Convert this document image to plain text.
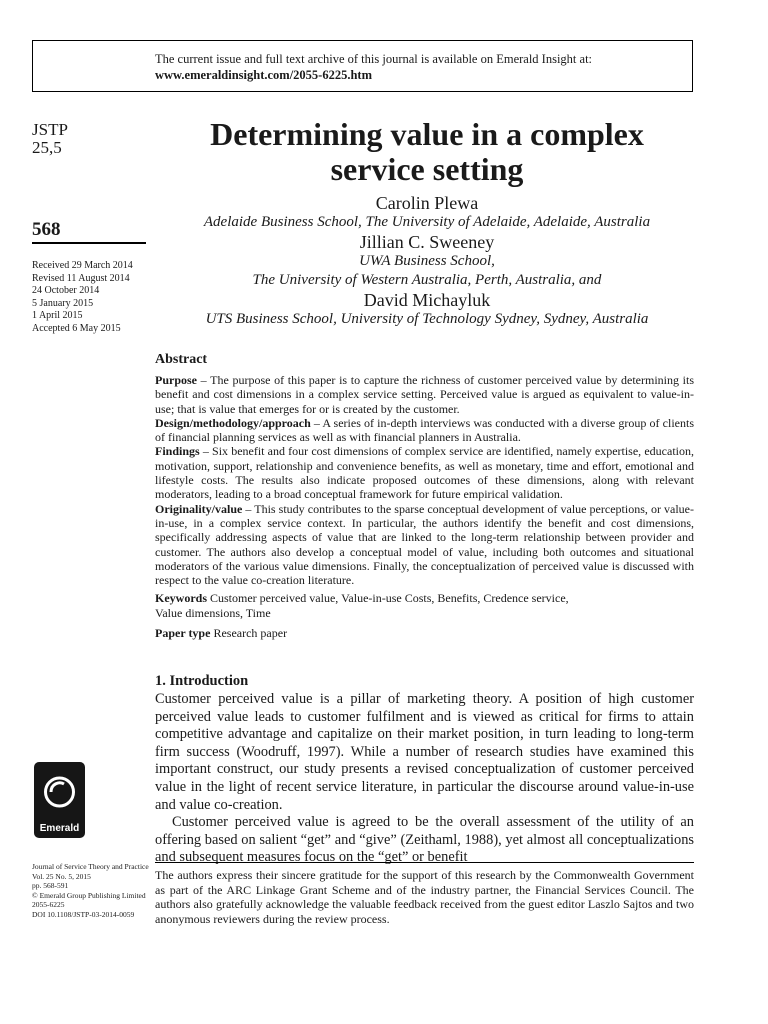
The current issue and full text archive of this journal is available on Emerald Insight at:
www.emeraldinsight.com/2055-6225.htm
JSTP
25,5
568
Received 29 March 2014
Revised 11 August 2014
24 October 2014
5 January 2015
1 April 2015
Accepted 6 May 2015
Determining value in a complex service setting
Carolin Plewa
Adelaide Business School, The University of Adelaide, Adelaide, Australia
Jillian C. Sweeney
UWA Business School,
The University of Western Australia, Perth, Australia, and
David Michayluk
UTS Business School, University of Technology Sydney, Sydney, Australia
Abstract

Purpose – The purpose of this paper is to capture the richness of customer perceived value by determining its benefit and cost dimensions in a complex service setting. Perceived value is argued as equivalent to value-in-use; that is value that emerges for or is created by the customer.

Design/methodology/approach – A series of in-depth interviews was conducted with a diverse group of clients of financial planning services as well as with financial planners in Australia.

Findings – Six benefit and four cost dimensions of complex service are identified, namely expertise, education, motivation, support, relationship and convenience benefits, as well as monetary, time and effort, emotional and lifestyle costs. The results also indicate proposed outcomes of these dimensions, along with relevant moderators, leading to a broad conceptual framework for future empirical validation.

Originality/value – This study contributes to the sparse conceptual development of value perceptions, or value-in-use, in a complex service context. In particular, the authors identify the benefit and cost dimensions, specifically addressing aspects of value that are linked to the long-term relationship between provider and customer. The authors also develop a conceptual model of value, including both outcomes and situational moderators of the various value dimensions. Finally, the conceptualization of perceived value is discussed with respect to the value co-creation literature.

Keywords Customer perceived value, Value-in-use Costs, Benefits, Credence service,
Value dimensions, Time
Paper type Research paper
1. Introduction

Customer perceived value is a pillar of marketing theory. A position of high customer perceived value leads to customer fulfilment and is viewed as critical for firms to attain competitive advantage and capitalize on their market position, in turn leading to long-term firm success (Woodruff, 1997). While a number of research studies have examined this important construct, our study presents a revised conceptualization of customer perceived value in the light of recent service literature, in particular the discourse around value-in-use and value co-creation.

Customer perceived value is agreed to be the overall assessment of the utility of an offering based on salient “get” and “give” (Zeithaml, 1988), yet almost all conceptualizations and subsequent measures focus on the “get” or benefit

Emerald
Journal of Service Theory and Practice
Vol. 25 No. 5, 2015
pp. 568-591
© Emerald Group Publishing Limited
2055-6225
DOI 10.1108/JSTP-03-2014-0059
The authors express their sincere gratitude for the support of this research by the Commonwealth Government as part of the ARC Linkage Grant Scheme and of the industry partner, the Financial Services Council. The authors also gratefully acknowledge the valuable feedback received from the guest editor Laszlo Sajtos and two anonymous reviewers during the review process.
